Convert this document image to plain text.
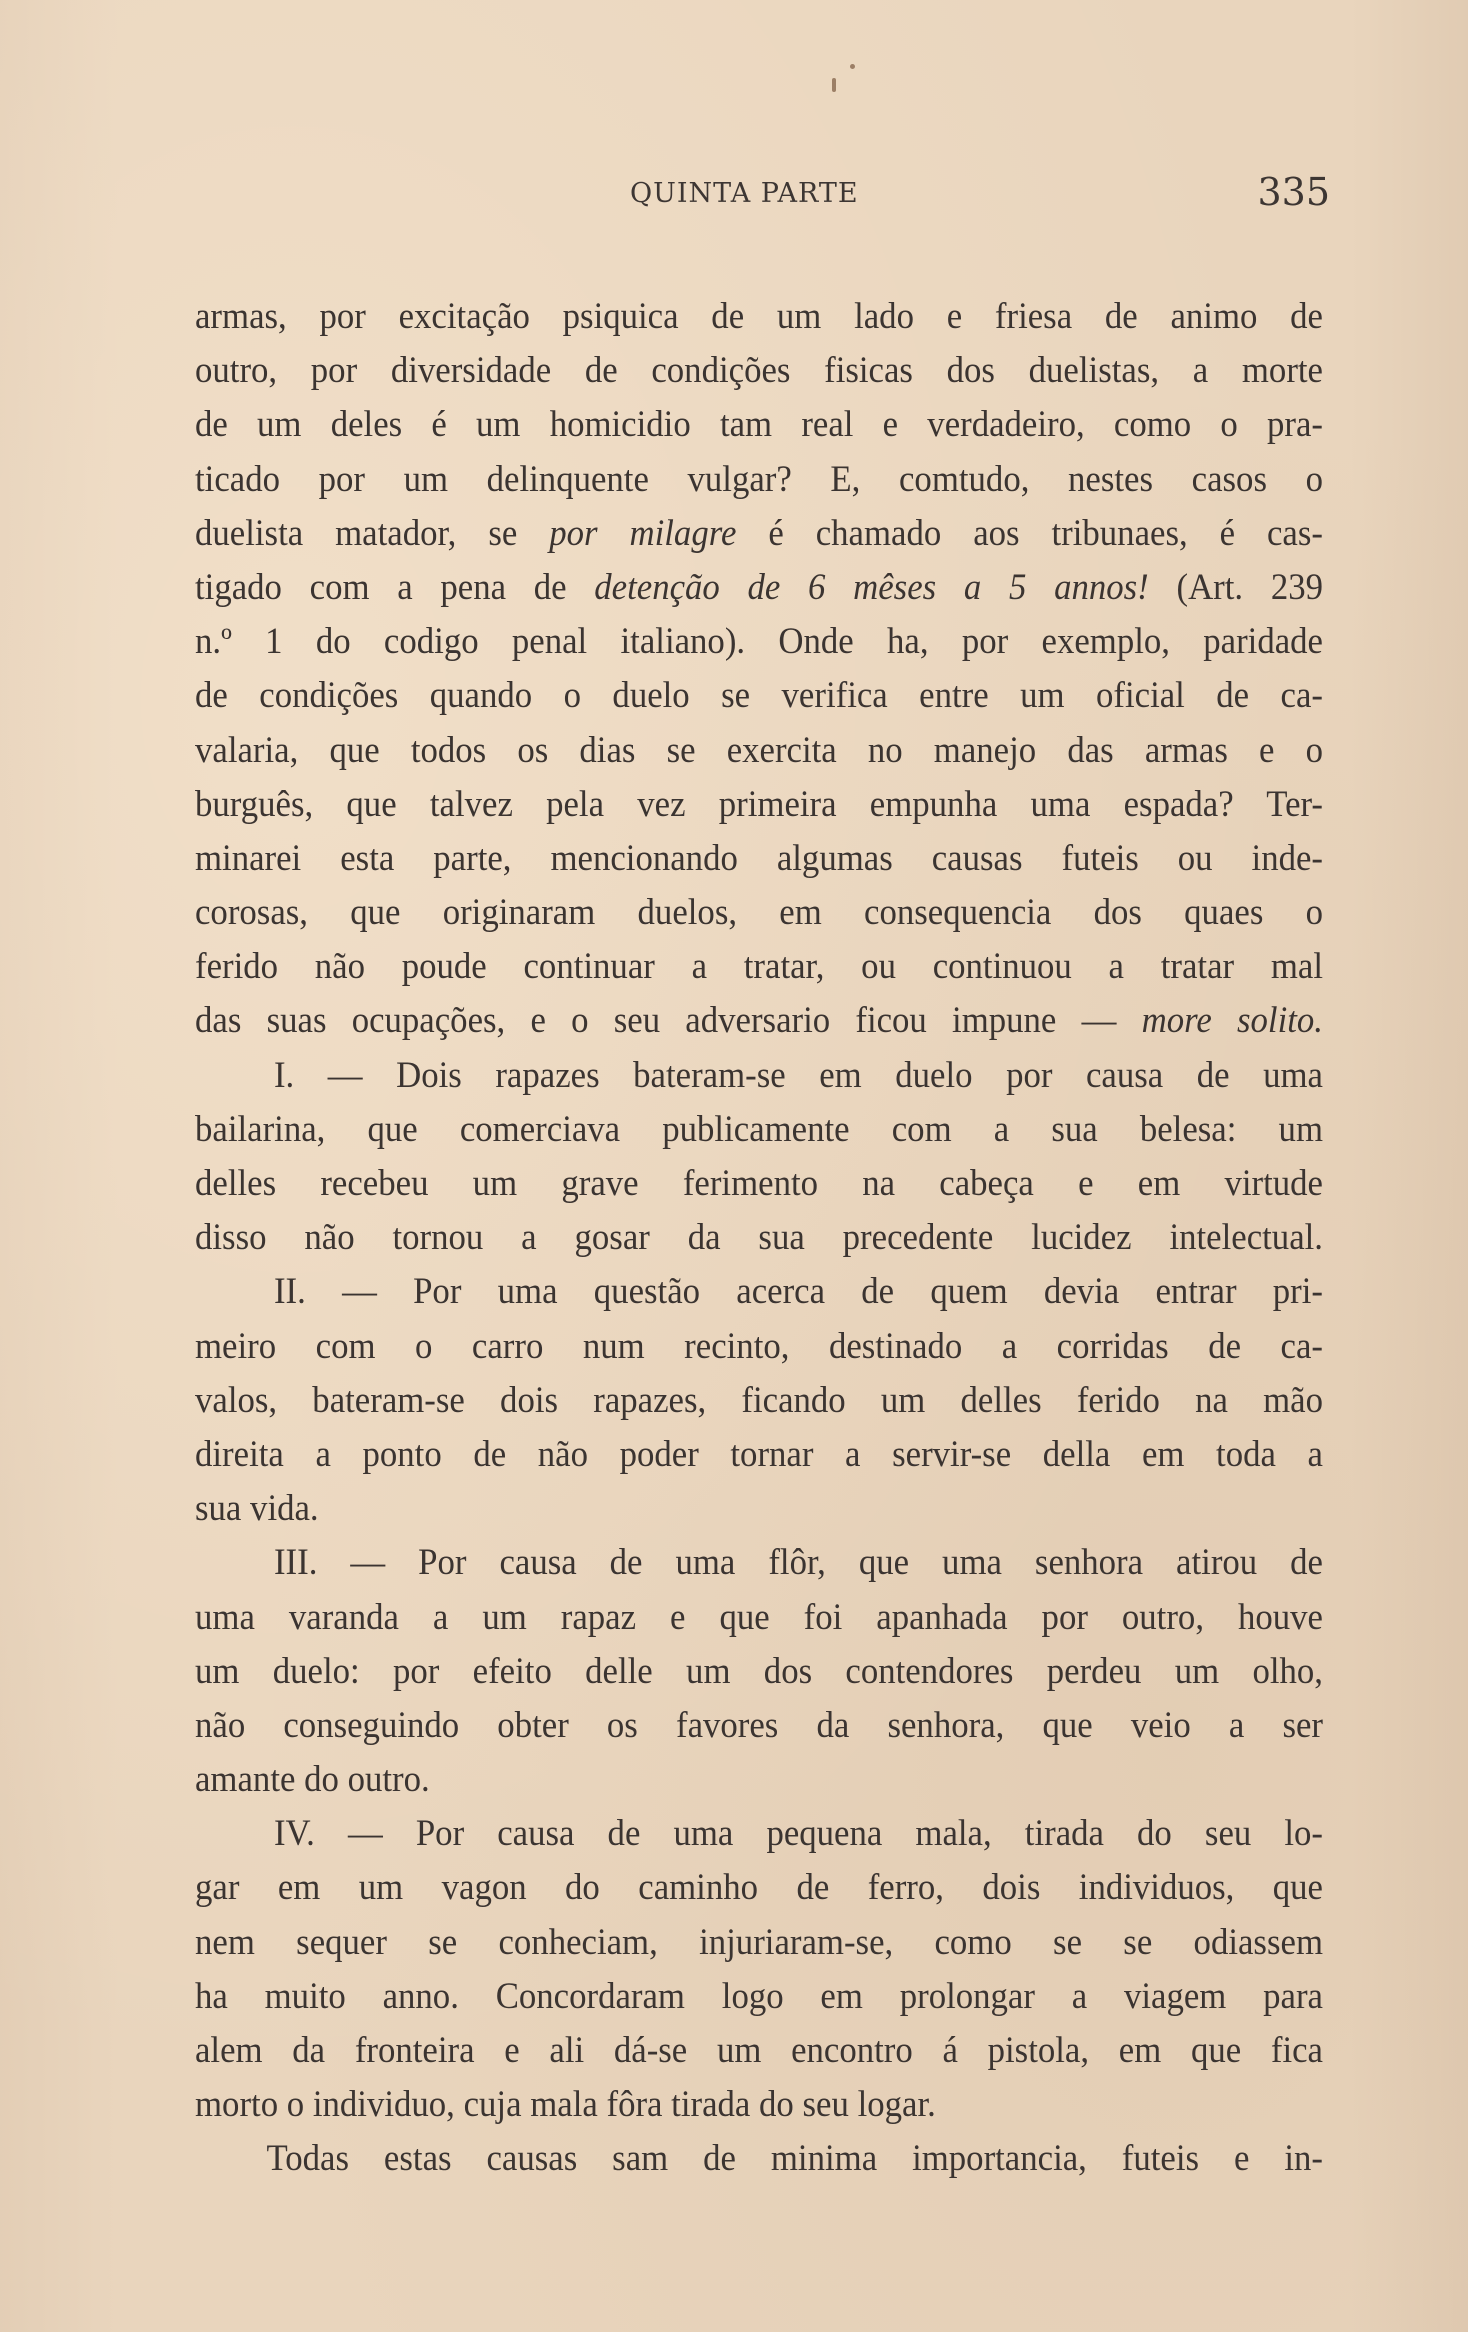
QUINTA PARTE	335
armas, por excitação psiquica de um lado e friesa de animo de
outro, por diversidade de condições fisicas dos duelistas, a morte
de um deles é um homicidio tam real e verdadeiro, como o pra-
ticado por um delinquente vulgar? E, comtudo, nestes casos o
duelista matador, se por milagre é chamado aos tribunaes, é cas-
tigado com a pena de detenção de 6 mêses a 5 annos! (Art. 239
n.º 1 do codigo penal italiano). Onde ha, por exemplo, paridade
de condições quando o duelo se verifica entre um oficial de ca-
valaria, que todos os dias se exercita no manejo das armas e o
burguês, que talvez pela vez primeira empunha uma espada? Ter-
minarei esta parte, mencionando algumas causas futeis ou inde-
corosas, que originaram duelos, em consequencia dos quaes o
ferido não poude continuar a tratar, ou continuou a tratar mal
das suas ocupações, e o seu adversario ficou impune — more solito.
I. — Dois rapazes bateram-se em duelo por causa de uma
bailarina, que comerciava publicamente com a sua belesa: um
delles recebeu um grave ferimento na cabeça e em virtude
disso não tornou a gosar da sua precedente lucidez intelectual.
II. — Por uma questão acerca de quem devia entrar pri-
meiro com o carro num recinto, destinado a corridas de ca-
valos, bateram-se dois rapazes, ficando um delles ferido na mão
direita a ponto de não poder tornar a servir-se della em toda a
sua vida.
III. — Por causa de uma flôr, que uma senhora atirou de
uma varanda a um rapaz e que foi apanhada por outro, houve
um duelo: por efeito delle um dos contendores perdeu um olho,
não conseguindo obter os favores da senhora, que veio a ser
amante do outro.
IV. — Por causa de uma pequena mala, tirada do seu lo-
gar em um vagon do caminho de ferro, dois individuos, que
nem sequer se conheciam, injuriaram-se, como se se odiassem
ha muito anno. Concordaram logo em prolongar a viagem para
alem da fronteira e ali dá-se um encontro á pistola, em que fica
morto o individuo, cuja mala fôra tirada do seu logar.
Todas estas causas sam de minima importancia, futeis e in-
